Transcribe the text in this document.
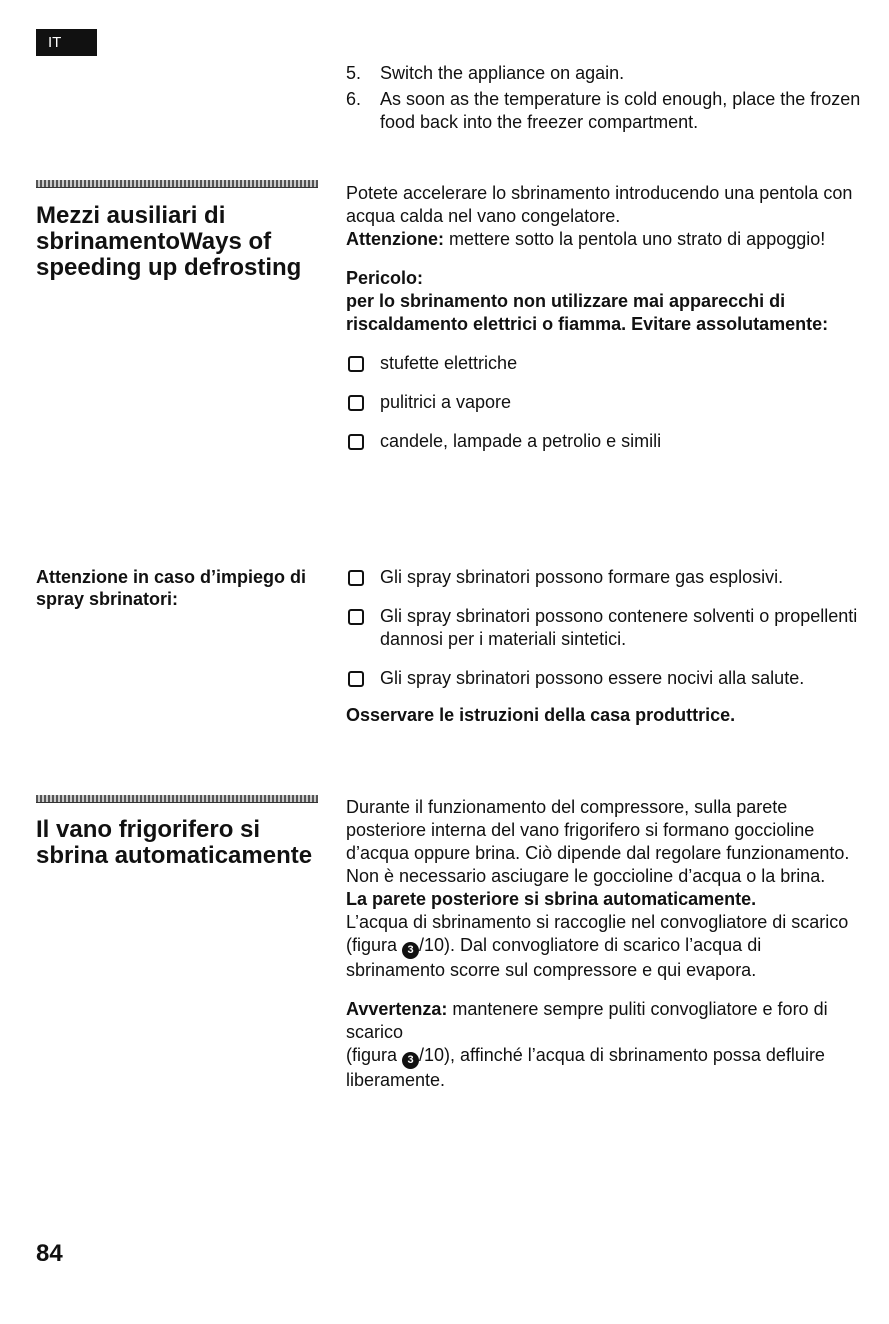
IT
5. Switch the appliance on again.
6. As soon as the temperature is cold enough, place the frozen food back into the freezer compartment.
Mezzi ausiliari di sbrinamentoWays of speeding up defrosting

Potete accelerare lo sbrinamento introducendo una pentola con acqua calda nel vano congelatore.

Attenzione: mettere sotto la pentola uno strato di appoggio!

Pericolo:

per lo sbrinamento non utilizzare mai apparecchi di riscaldamento elettrici o fiamma. Evitare assolutamente:

stufette elettriche
pulitrici a vapore
candele, lampade a petrolio e simili
Attenzione in caso d’impiego di spray sbrinatori:
Gli spray sbrinatori possono formare gas esplosivi.
Gli spray sbrinatori possono contenere solventi o propellenti dannosi per i materiali sintetici.
Gli spray sbrinatori possono essere nocivi alla salute.

Osservare le istruzioni della casa produttrice.

Il vano frigorifero si sbrina automaticamente

Durante il funzionamento del compressore, sulla parete posteriore interna del vano frigorifero si formano goccioline d’acqua oppure brina. Ciò dipende dal regolare funzionamento. Non è necessario asciugare le goccioline d’acqua o la brina.

La parete posteriore si sbrina automaticamente.

L’acqua di sbrinamento si raccoglie nel convogliatore di scarico (figura 3 /10). Dal convogliatore di scarico l’acqua di sbrinamento scorre sul compressore e qui evapora.

Avvertenza: mantenere sempre puliti convogliatore e foro di scarico

(figura 3 /10), affinché l’acqua di sbrinamento possa defluire liberamente.

84
